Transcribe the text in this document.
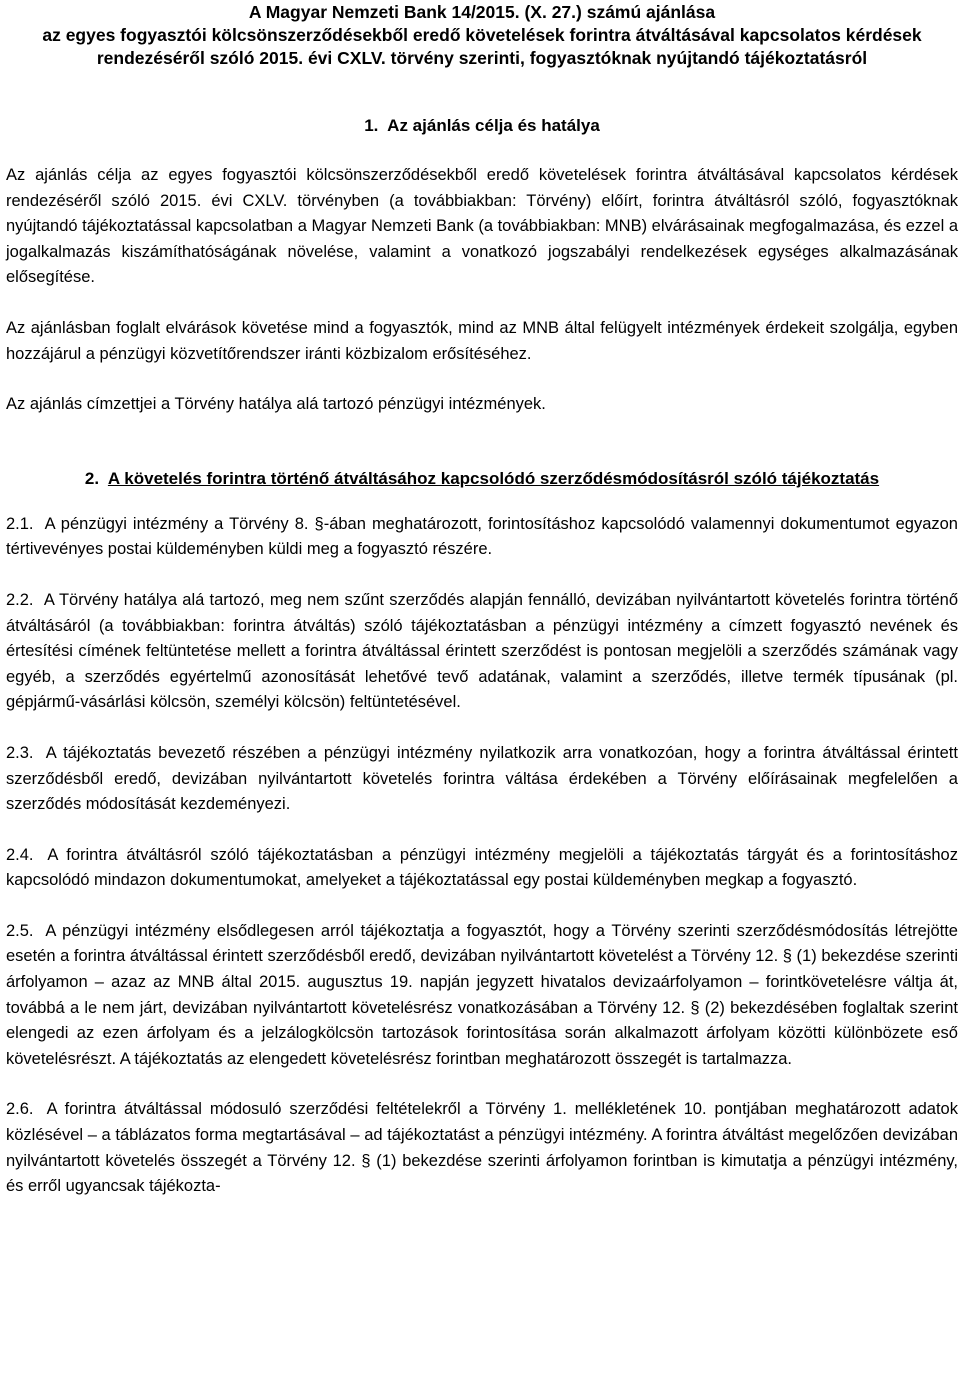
A Magyar Nemzeti Bank 14/2015. (X. 27.) számú ajánlása
az egyes fogyasztói kölcsönszerződésekből eredő követelések forintra átváltásával kapcsolatos kérdések
rendezéséről szóló 2015. évi CXLV. törvény szerinti, fogyasztóknak nyújtandó tájékoztatásról
1.  Az ajánlás célja és hatálya

Az ajánlás célja az egyes fogyasztói kölcsönszerződésekből eredő követelések forintra átváltásával kapcsolatos kérdések rendezéséről szóló 2015. évi CXLV. törvényben (a továbbiakban: Törvény) előírt, forintra átváltásról szóló, fogyasztóknak nyújtandó tájékoztatással kapcsolatban a Magyar Nemzeti Bank (a továbbiakban: MNB) elvárásainak megfogalmazása, és ezzel a jogalkalmazás kiszámíthatóságának növelése, valamint a vonatkozó jogszabályi rendelkezések egységes alkalmazásának elősegítése.

Az ajánlásban foglalt elvárások követése mind a fogyasztók, mind az MNB által felügyelt intézmények érdekeit szolgálja, egyben hozzájárul a pénzügyi közvetítőrendszer iránti közbizalom erősítéséhez.

Az ajánlás címzettjei a Törvény hatálya alá tartozó pénzügyi intézmények.

2. A követelés forintra történő átváltásához kapcsolódó szerződésmódosításról szóló tájékoztatás

2.1. A pénzügyi intézmény a Törvény 8. §-ában meghatározott, forintosításhoz kapcsolódó valamennyi dokumentumot egyazon tértivevényes postai küldeményben küldi meg a fogyasztó részére.

2.2. A Törvény hatálya alá tartozó, meg nem szűnt szerződés alapján fennálló, devizában nyilvántartott követelés forintra történő átváltásáról (a továbbiakban: forintra átváltás) szóló tájékoztatásban a pénzügyi intézmény a címzett fogyasztó nevének és értesítési címének feltüntetése mellett a forintra átváltással érintett szerződést is pontosan megjelöli a szerződés számának vagy egyéb, a szerződés egyértelmű azonosítását lehetővé tevő adatának, valamint a szerződés, illetve termék típusának (pl. gépjármű-vásárlási kölcsön, személyi kölcsön) feltüntetésével.

2.3. A tájékoztatás bevezető részében a pénzügyi intézmény nyilatkozik arra vonatkozóan, hogy a forintra átváltással érintett szerződésből eredő, devizában nyilvántartott követelés forintra váltása érdekében a Törvény előírásainak megfelelően a szerződés módosítását kezdeményezi.

2.4. A forintra átváltásról szóló tájékoztatásban a pénzügyi intézmény megjelöli a tájékoztatás tárgyát és a forintosításhoz kapcsolódó mindazon dokumentumokat, amelyeket a tájékoztatással egy postai küldeményben megkap a fogyasztó.

2.5. A pénzügyi intézmény elsődlegesen arról tájékoztatja a fogyasztót, hogy a Törvény szerinti szerződésmódosítás létrejötte esetén a forintra átváltással érintett szerződésből eredő, devizában nyilvántartott követelést a Törvény 12. § (1) bekezdése szerinti árfolyamon – azaz az MNB által 2015. augusztus 19. napján jegyzett hivatalos devizaárfolyamon – forintkövetelésre váltja át, továbbá a le nem járt, devizában nyilvántartott követelésrész vonatkozásában a Törvény 12. § (2) bekezdésében foglaltak szerint elengedi az ezen árfolyam és a jelzálogkölcsön tartozások forintosítása során alkalmazott árfolyam közötti különbözete eső követelésrészt. A tájékoztatás az elengedett követelésrész forintban meghatározott összegét is tartalmazza.

2.6. A forintra átváltással módosuló szerződési feltételekről a Törvény 1. mellékletének 10. pontjában meghatározott adatok közlésével – a táblázatos forma megtartásával – ad tájékoztatást a pénzügyi intézmény. A forintra átváltást megelőzően devizában nyilvántartott követelés összegét a Törvény 12. § (1) bekezdése szerinti árfolyamon forintban is kimutatja a pénzügyi intézmény, és erről ugyancsak tájékozta-
